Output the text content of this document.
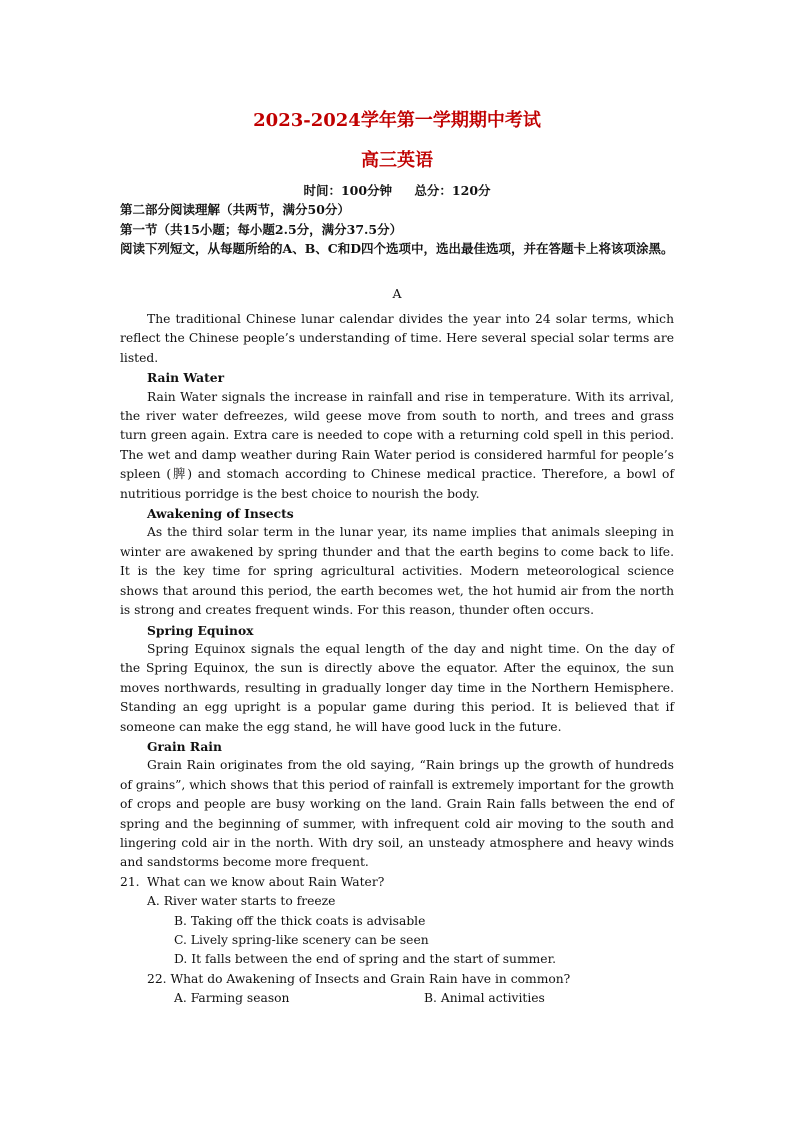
2023-2024学年第一学期期中考试
高三英语
时间：100分钟 总分：120分
第二部分阅读理解（共两节，满分50分）
第一节（共15小题；每小题2.5分，满分37.5分）
阅读下列短文，从每题所给的A、B、C和D四个选项中，选出最佳选项，并在答题卡上将该项涂黑。
A

The traditional Chinese lunar calendar divides the year into 24 solar terms, which reflect the Chinese people’s understanding of time. Here several special solar terms are listed.

Rain Water

Rain Water signals the increase in rainfall and rise in temperature. With its arrival, the river water defreezes, wild geese move from south to north, and trees and grass turn green again. Extra care is needed to cope with a returning cold spell in this period. The wet and damp weather during Rain Water period is considered harmful for people’s spleen (脾) and stomach according to Chinese medical practice. Therefore, a bowl of nutritious porridge is the best choice to nourish the body.

Awakening of Insects

As the third solar term in the lunar year, its name implies that animals sleeping in winter are awakened by spring thunder and that the earth begins to come back to life. It is the key time for spring agricultural activities. Modern meteorological science shows that around this period, the earth becomes wet, the hot humid air from the north is strong and creates frequent winds. For this reason, thunder often occurs.

Spring Equinox

Spring Equinox signals the equal length of the day and night time. On the day of the Spring Equinox, the sun is directly above the equator. After the equinox, the sun moves northwards, resulting in gradually longer day time in the Northern Hemisphere. Standing an egg upright is a popular game during this period. It is believed that if someone can make the egg stand, he will have good luck in the future.

Grain Rain

Grain Rain originates from the old saying, “Rain brings up the growth of hundreds of grains”, which shows that this period of rainfall is extremely important for the growth of crops and people are busy working on the land. Grain Rain falls between the end of spring and the beginning of summer, with infrequent cold air moving to the south and lingering cold air in the north. With dry soil, an unsteady atmosphere and heavy winds and sandstorms become more frequent.

21. What can we know about Rain Water?
A. River water starts to freeze
B. Taking off the thick coats is advisable
C. Lively spring-like scenery can be seen
D. It falls between the end of spring and the start of summer.
22. What do Awakening of Insects and Grain Rain have in common?
A. Farming season	B. Animal activities
